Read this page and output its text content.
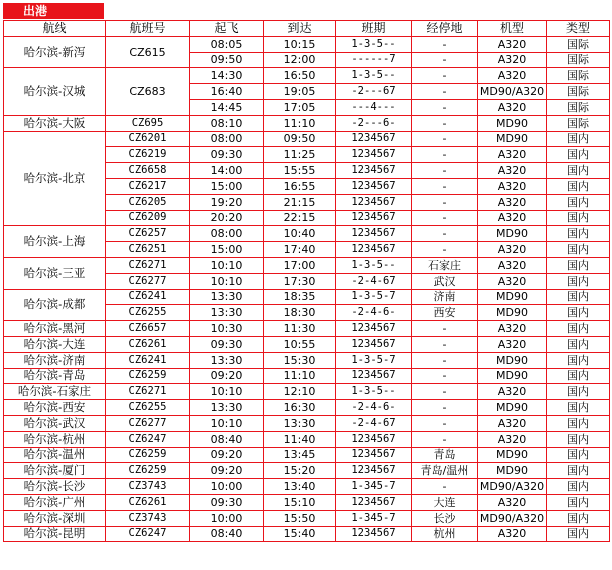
出港
航线	航班号	起飞	到达	班期	经停地	机型	类型
哈尔滨-新泻	CZ615	08:05	10:15	1-3-5--	-	A320	国际
		09:50	12:00	------7	-	A320	国际
哈尔滨-汉城	CZ683	14:30	16:50	1-3-5--	-	A320	国际
		16:40	19:05	-2---67	-	MD90/A320	国际
		14:45	17:05	---4---	-	A320	国际
哈尔滨-大阪	CZ695	08:10	11:10	-2---6-	-	MD90	国际
哈尔滨-北京	CZ6201	08:00	09:50	1234567	-	MD90	国内
	CZ6219	09:30	11:25	1234567	-	A320	国内
	CZ6658	14:00	15:55	1234567	-	A320	国内
	CZ6217	15:00	16:55	1234567	-	A320	国内
	CZ6205	19:20	21:15	1234567	-	A320	国内
	CZ6209	20:20	22:15	1234567	-	A320	国内
哈尔滨-上海	CZ6257	08:00	10:40	1234567	-	MD90	国内
	CZ6251	15:00	17:40	1234567	-	A320	国内
哈尔滨-三亚	CZ6271	10:10	17:00	1-3-5--	石家庄	A320	国内
	CZ6277	10:10	17:30	-2-4-67	武汉	A320	国内
哈尔滨-成都	CZ6241	13:30	18:35	1-3-5-7	济南	MD90	国内
	CZ6255	13:30	18:30	-2-4-6-	西安	MD90	国内
哈尔滨-黑河	CZ6657	10:30	11:30	1234567	-	A320	国内
哈尔滨-大连	CZ6261	09:30	10:55	1234567	-	A320	国内
哈尔滨-济南	CZ6241	13:30	15:30	1-3-5-7	-	MD90	国内
哈尔滨-青岛	CZ6259	09:20	11:10	1234567	-	MD90	国内
哈尔滨-石家庄	CZ6271	10:10	12:10	1-3-5--	-	A320	国内
哈尔滨-西安	CZ6255	13:30	16:30	-2-4-6-	-	MD90	国内
哈尔滨-武汉	CZ6277	10:10	13:30	-2-4-67	-	A320	国内
哈尔滨-杭州	CZ6247	08:40	11:40	1234567	-	A320	国内
哈尔滨-温州	CZ6259	09:20	13:45	1234567	青岛	MD90	国内
哈尔滨-厦门	CZ6259	09:20	15:20	1234567	青岛/温州	MD90	国内
哈尔滨-长沙	CZ3743	10:00	13:40	1-345-7	-	MD90/A320	国内
哈尔滨-广州	CZ6261	09:30	15:10	1234567	大连	A320	国内
哈尔滨-深圳	CZ3743	10:00	15:50	1-345-7	长沙	MD90/A320	国内
哈尔滨-昆明	CZ6247	08:40	15:40	1234567	杭州	A320	国内
